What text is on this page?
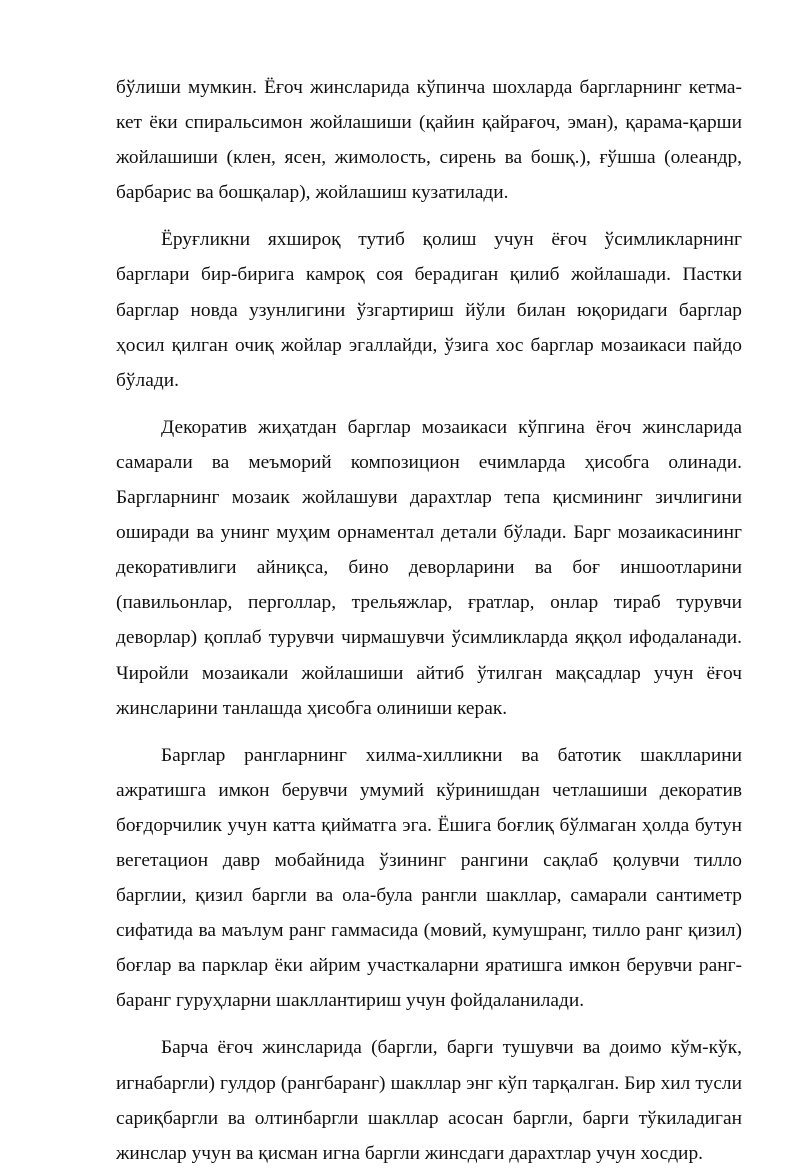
бўлиши мумкин. Ёғоч жинсларида кўпинча шохларда баргларнинг кетма-кет ёки спиральсимон жойлашиши (қайин қайрағоч, эман), қарама-қарши жойлашиши (клен, ясен, жимолость, сирень ва бошқ.), ғўшша (олеандр, барбарис ва бошқалар), жойлашиш кузатилади.

Ёруғликни яхшироқ тутиб қолиш учун ёғоч ўсимликларнинг барглари бир-бирига камроқ соя берадиган қилиб жойлашади. Пастки барглар новда узунлигини ўзгартириш йўли билан юқоридаги барглар ҳосил қилган очиқ жойлар эгаллайди, ўзига хос барглар мозаикаси пайдо бўлади.

Декоратив жиҳатдан барглар мозаикаси кўпгина ёғоч жинсларида самарали ва меъморий композицион ечимларда ҳисобга олинади. Баргларнинг мозаик жойлашуви дарахтлар тепа қисмининг зичлигини оширади ва унинг муҳим орнаментал детали бўлади. Барг мозаикасининг декоративлиги айниқса, бино деворларини ва боғ иншоотларини (павильонлар, перголлар, трельяжлар, ғратлар, онлар тираб турувчи деворлар) қоплаб турувчи чирмашувчи ўсимликларда яққол ифодаланади. Чиройли мозаикали жойлашиши айтиб ўтилган мақсадлар учун ёғоч жинсларини танлашда ҳисобга олиниши керак.

Барглар рангларнинг хилма-хилликни ва батотик шаклларини ажратишга имкон берувчи умумий кўринишдан четлашиши декоратив боғдорчилик учун катта қийматга эга. Ёшига боғлиқ бўлмаган ҳолда бутун вегетацион давр мобайнида ўзининг рангини сақлаб қолувчи тилло барглии, қизил баргли ва ола-була рангли шакллар, самарали сантиметр сифатида ва маълум ранг гаммасида (мовий, кумушранг, тилло ранг қизил) боғлар ва парклар ёки айрим участкаларни яратишга имкон берувчи ранг-баранг гуруҳларни шакллантириш учун фойдаланилади.

Барча ёғоч жинсларида (баргли, барги тушувчи ва доимо кўм-кўк, игнабаргли) гулдор (рангбаранг) шакллар энг кўп тарқалган. Бир хил тусли сариқбаргли ва олтинбаргли шакллар асосан баргли, барги тўкиладиган жинслар учун ва қисман игна баргли жинсдаги дарахтлар учун хосдир.
